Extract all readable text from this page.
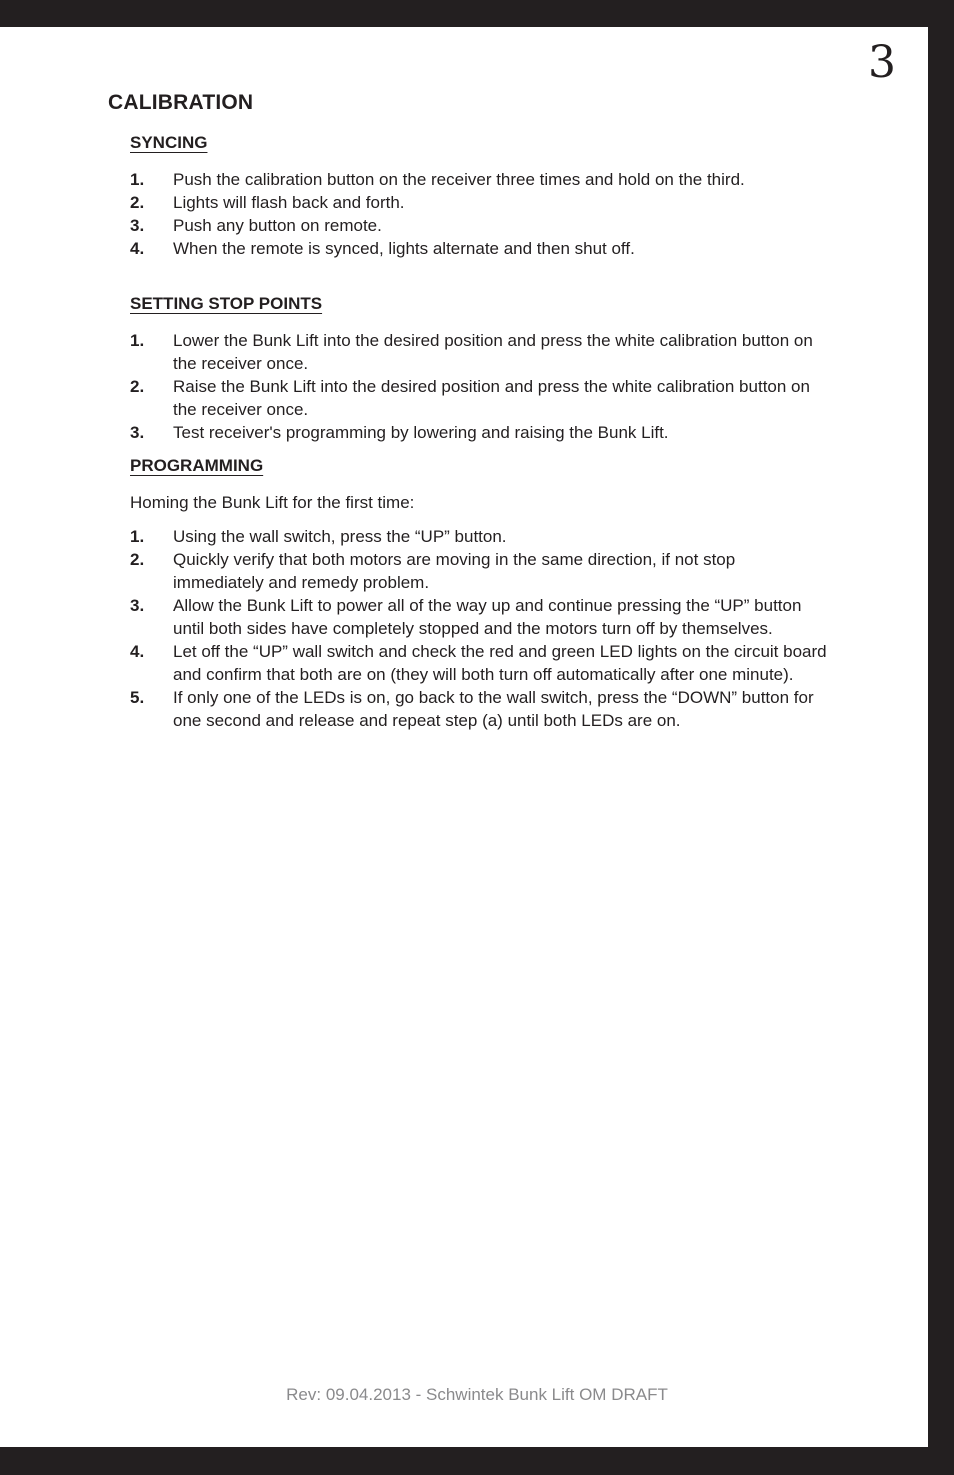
3
CALIBRATION
SYNCING
1. Push the calibration button on the receiver three times and hold on the third.
2. Lights will flash back and forth.
3. Push any button on remote.
4. When the remote is synced, lights alternate and then shut off.
SETTING STOP POINTS
1. Lower the Bunk Lift into the desired position and press the white calibration button on the receiver once.
2. Raise the Bunk Lift into the desired position and press the white calibration button on the receiver once.
3. Test receiver's programming by lowering and raising the Bunk Lift.
PROGRAMMING

Homing the Bunk Lift for the first time:

1. Using the wall switch, press the “UP” button.
2. Quickly verify that both motors are moving in the same direction, if not stop immediately and remedy problem.
3. Allow the Bunk Lift to power all of the way up and continue pressing the “UP” button until both sides have completely stopped and the motors turn off by themselves.
4. Let off the “UP” wall switch and check the red and green LED lights on the circuit board and confirm that both are on (they will both turn off automatically after one minute).
5. If only one of the LEDs is on, go back to the wall switch, press the “DOWN” button for one second and release and repeat step (a) until both LEDs are on.
Rev: 09.04.2013 - Schwintek Bunk Lift OM DRAFT
